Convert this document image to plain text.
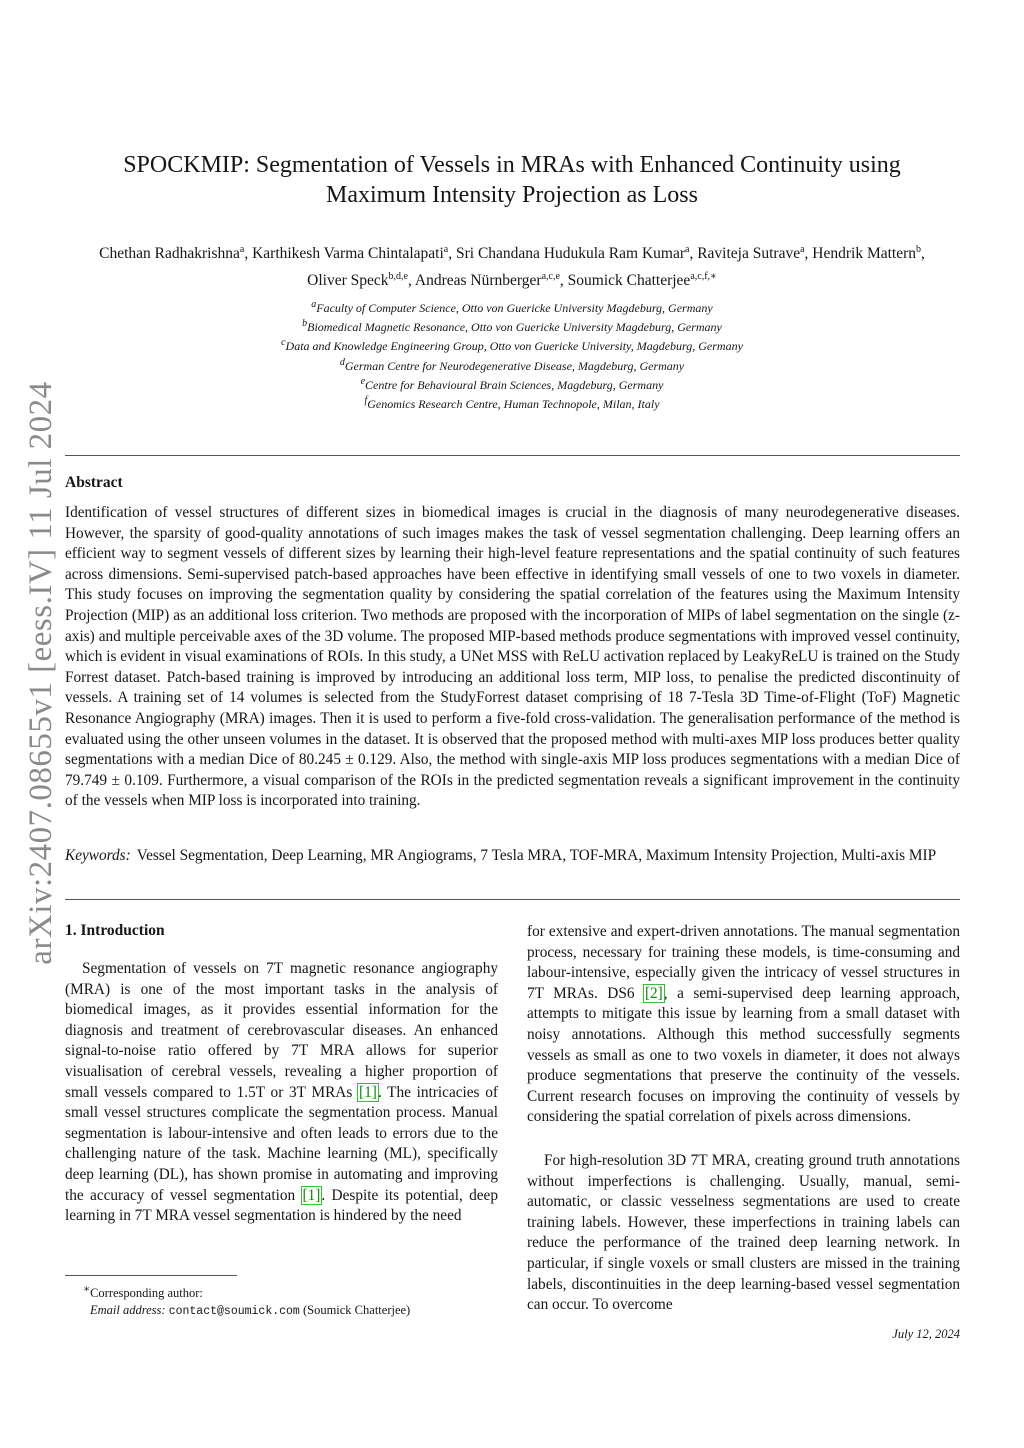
arXiv:2407.08655v1 [eess.IV] 11 Jul 2024
SPOCKMIP: Segmentation of Vessels in MRAs with Enhanced Continuity using Maximum Intensity Projection as Loss
Chethan Radhakrishna$^a$, Karthikesh Varma Chintalapati$^a$, Sri Chandana Hudukula Ram Kumar$^a$, Raviteja Sutrave$^a$, Hendrik Mattern$^b$, Oliver Speck$^{b,d,e}$, Andreas Nürnberger$^{a,c,e}$, Soumick Chatterjee$^{a,c,f,∗}$
$^a$Faculty of Computer Science, Otto von Guericke University Magdeburg, Germany
$^b$Biomedical Magnetic Resonance, Otto von Guericke University Magdeburg, Germany
$^c$Data and Knowledge Engineering Group, Otto von Guericke University, Magdeburg, Germany
$^d$German Centre for Neurodegenerative Disease, Magdeburg, Germany
$^e$Centre for Behavioural Brain Sciences, Magdeburg, Germany
$^f$Genomics Research Centre, Human Technopole, Milan, Italy
Abstract
Identification of vessel structures of different sizes in biomedical images is crucial in the diagnosis of many neurodegenerative diseases. However, the sparsity of good-quality annotations of such images makes the task of vessel segmentation challenging. Deep learning offers an efficient way to segment vessels of different sizes by learning their high-level feature representations and the spatial continuity of such features across dimensions. Semi-supervised patch-based approaches have been effective in identifying small vessels of one to two voxels in diameter. This study focuses on improving the segmentation quality by considering the spatial correlation of the features using the Maximum Intensity Projection (MIP) as an additional loss criterion. Two methods are proposed with the incorporation of MIPs of label segmentation on the single (z-axis) and multiple perceivable axes of the 3D volume. The proposed MIP-based methods produce segmentations with improved vessel continuity, which is evident in visual examinations of ROIs. In this study, a UNet MSS with ReLU activation replaced by LeakyReLU is trained on the Study Forrest dataset. Patch-based training is improved by introducing an additional loss term, MIP loss, to penalise the predicted discontinuity of vessels. A training set of 14 volumes is selected from the StudyForrest dataset comprising of 18 7-Tesla 3D Time-of-Flight (ToF) Magnetic Resonance Angiography (MRA) images. Then it is used to perform a five-fold cross-validation. The generalisation performance of the method is evaluated using the other unseen volumes in the dataset. It is observed that the proposed method with multi-axes MIP loss produces better quality segmentations with a median Dice of 80.245 ± 0.129. Also, the method with single-axis MIP loss produces segmentations with a median Dice of 79.749 ± 0.109. Furthermore, a visual comparison of the ROIs in the predicted segmentation reveals a significant improvement in the continuity of the vessels when MIP loss is incorporated into training.
Keywords: Vessel Segmentation, Deep Learning, MR Angiograms, 7 Tesla MRA, TOF-MRA, Maximum Intensity Projection, Multi-axis MIP
1. Introduction

Segmentation of vessels on 7T magnetic resonance angiography (MRA) is one of the most important tasks in the analysis of biomedical images, as it provides essential information for the diagnosis and treatment of cerebrovascular diseases. An enhanced signal-to-noise ratio offered by 7T MRA allows for superior visualisation of cerebral vessels, revealing a higher proportion of small vessels compared to 1.5T or 3T MRAs [1]. The intricacies of small vessel structures complicate the segmentation process. Manual segmentation is labour-intensive and often leads to errors due to the challenging nature of the task. Machine learning (ML), specifically deep learning (DL), has shown promise in automating and improving the accuracy of vessel segmentation [1]. Despite its potential, deep learning in 7T MRA vessel segmentation is hindered by the need

for extensive and expert-driven annotations. The manual segmentation process, necessary for training these models, is time-consuming and labour-intensive, especially given the intricacy of vessel structures in 7T MRAs. DS6 [2], a semi-supervised deep learning approach, attempts to mitigate this issue by learning from a small dataset with noisy annotations. Although this method successfully segments vessels as small as one to two voxels in diameter, it does not always produce segmentations that preserve the continuity of the vessels. Current research focuses on improving the continuity of vessels by considering the spatial correlation of pixels across dimensions.

For high-resolution 3D 7T MRA, creating ground truth annotations without imperfections is challenging. Usually, manual, semi-automatic, or classic vesselness segmentations are used to create training labels. However, these imperfections in training labels can reduce the performance of the trained deep learning network. In particular, if single voxels or small clusters are missed in the training labels, discontinuities in the deep learning-based vessel segmentation can occur. To overcome

∗Corresponding author:
Email address: contact@soumick.com (Soumick Chatterjee)
July 12, 2024
